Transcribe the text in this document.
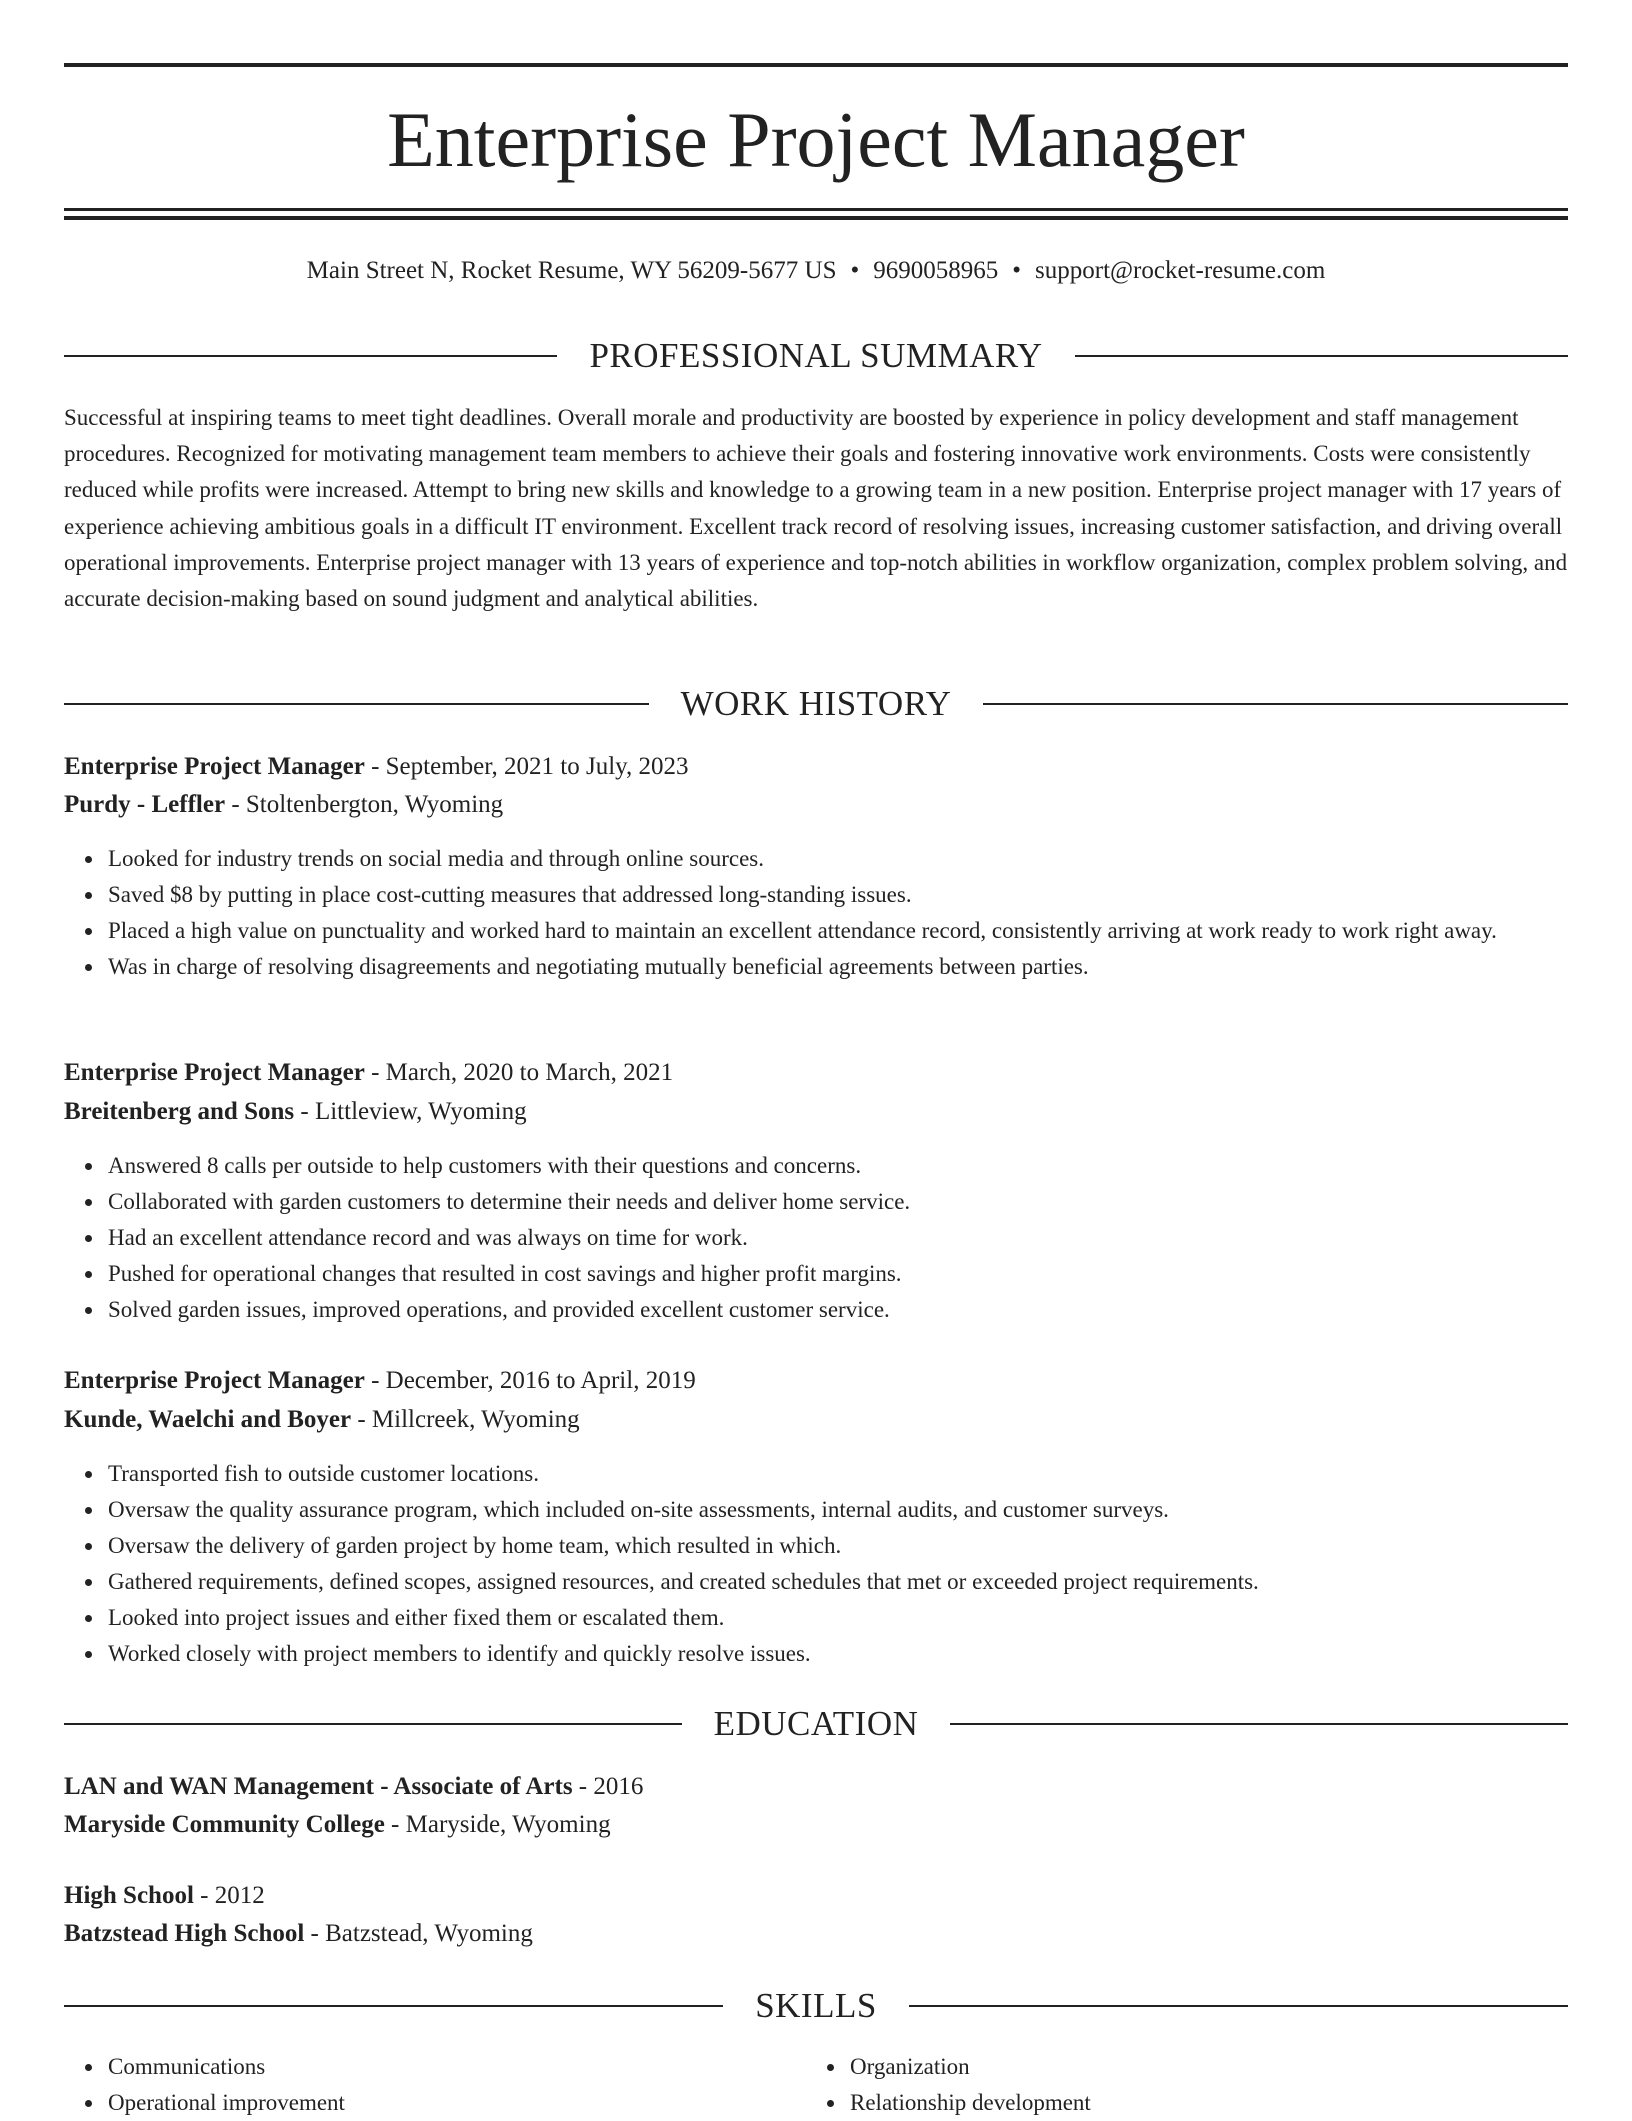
Enterprise Project Manager
Main Street N, Rocket Resume, WY 56209-5677 US • 9690058965 • support@rocket-resume.com
PROFESSIONAL SUMMARY

Successful at inspiring teams to meet tight deadlines. Overall morale and productivity are boosted by experience in policy development and staff management procedures. Recognized for motivating management team members to achieve their goals and fostering innovative work environments. Costs were consistently reduced while profits were increased. Attempt to bring new skills and knowledge to a growing team in a new position. Enterprise project manager with 17 years of experience achieving ambitious goals in a difficult IT environment. Excellent track record of resolving issues, increasing customer satisfaction, and driving overall operational improvements. Enterprise project manager with 13 years of experience and top-notch abilities in workflow organization, complex problem solving, and accurate decision-making based on sound judgment and analytical abilities.

WORK HISTORY
Enterprise Project Manager - September, 2021 to July, 2023
Purdy - Leffler - Stoltenbergton, Wyoming
Looked for industry trends on social media and through online sources.
Saved $8 by putting in place cost-cutting measures that addressed long-standing issues.
Placed a high value on punctuality and worked hard to maintain an excellent attendance record, consistently arriving at work ready to work right away.
Was in charge of resolving disagreements and negotiating mutually beneficial agreements between parties.
Enterprise Project Manager - March, 2020 to March, 2021
Breitenberg and Sons - Littleview, Wyoming
Answered 8 calls per outside to help customers with their questions and concerns.
Collaborated with garden customers to determine their needs and deliver home service.
Had an excellent attendance record and was always on time for work.
Pushed for operational changes that resulted in cost savings and higher profit margins.
Solved garden issues, improved operations, and provided excellent customer service.
Enterprise Project Manager - December, 2016 to April, 2019
Kunde, Waelchi and Boyer - Millcreek, Wyoming
Transported fish to outside customer locations.
Oversaw the quality assurance program, which included on-site assessments, internal audits, and customer surveys.
Oversaw the delivery of garden project by home team, which resulted in which.
Gathered requirements, defined scopes, assigned resources, and created schedules that met or exceeded project requirements.
Looked into project issues and either fixed them or escalated them.
Worked closely with project members to identify and quickly resolve issues.
EDUCATION
LAN and WAN Management - Associate of Arts - 2016
Maryside Community College - Maryside, Wyoming
High School - 2012
Batzstead High School - Batzstead, Wyoming
SKILLS
Communications
Operational improvement
Organization
Relationship development
